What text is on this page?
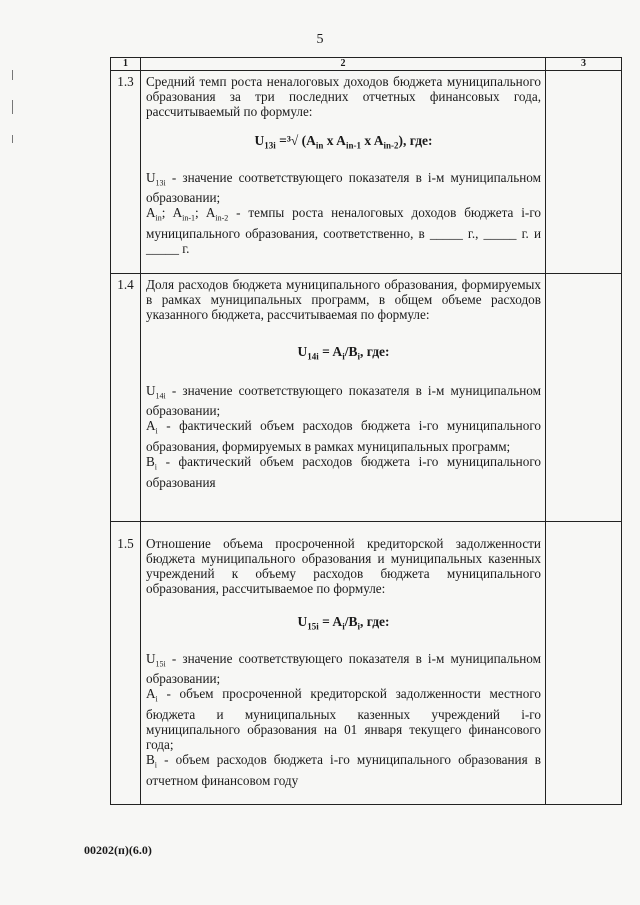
5
1	2	3
1.3	Средний темп роста неналоговых доходов бюджета муниципального образования за три последних отчетных финансовых года, рассчитываемый по формуле:

$U_{13i} =^3√$ ($A_{in}$ x $A_{in-1}$ x $A_{in-2}$), где:

$U_{13i}$ - значение соответствующего показателя в i-м муниципальном образовании;

$A_{in}$; $A_{in-1}$; $A_{in-2}$ - темпы роста неналоговых доходов бюджета i-го муниципального образования, соответственно, в _____ г., _____ г. и _____ г.	

1.4	Доля расходов бюджета муниципального образования, формируемых в рамках муниципальных программ, в общем объеме расходов указанного бюджета, рассчитываемая по формуле:

$U_{14i} = A_i/B_i$, где:

$U_{14i}$ - значение соответствующего показателя в i-м муниципальном образовании;

$A_i$ - фактический объем расходов бюджета i-го муниципального образования, формируемых в рамках муниципальных программ;

$B_i$ - фактический объем расходов бюджета i-го муниципального образования	

1.5	Отношение объема просроченной кредиторской задолженности бюджета муниципального образования и муниципальных казенных учреждений к объему расходов бюджета муниципального образования, рассчитываемое по формуле:

$U_{15i} = A_i/B_i$, где:

$U_{15i}$ - значение соответствующего показателя в i-м муниципальном образовании;

$A_i$ - объем просроченной кредиторской задолженности местного бюджета и муниципальных казенных учреждений i-го муниципального образования на 01 января текущего финансового года;

$B_i$ - объем расходов бюджета i-го муниципального образования в отчетном финансовом году	

00202(п)(6.0)
